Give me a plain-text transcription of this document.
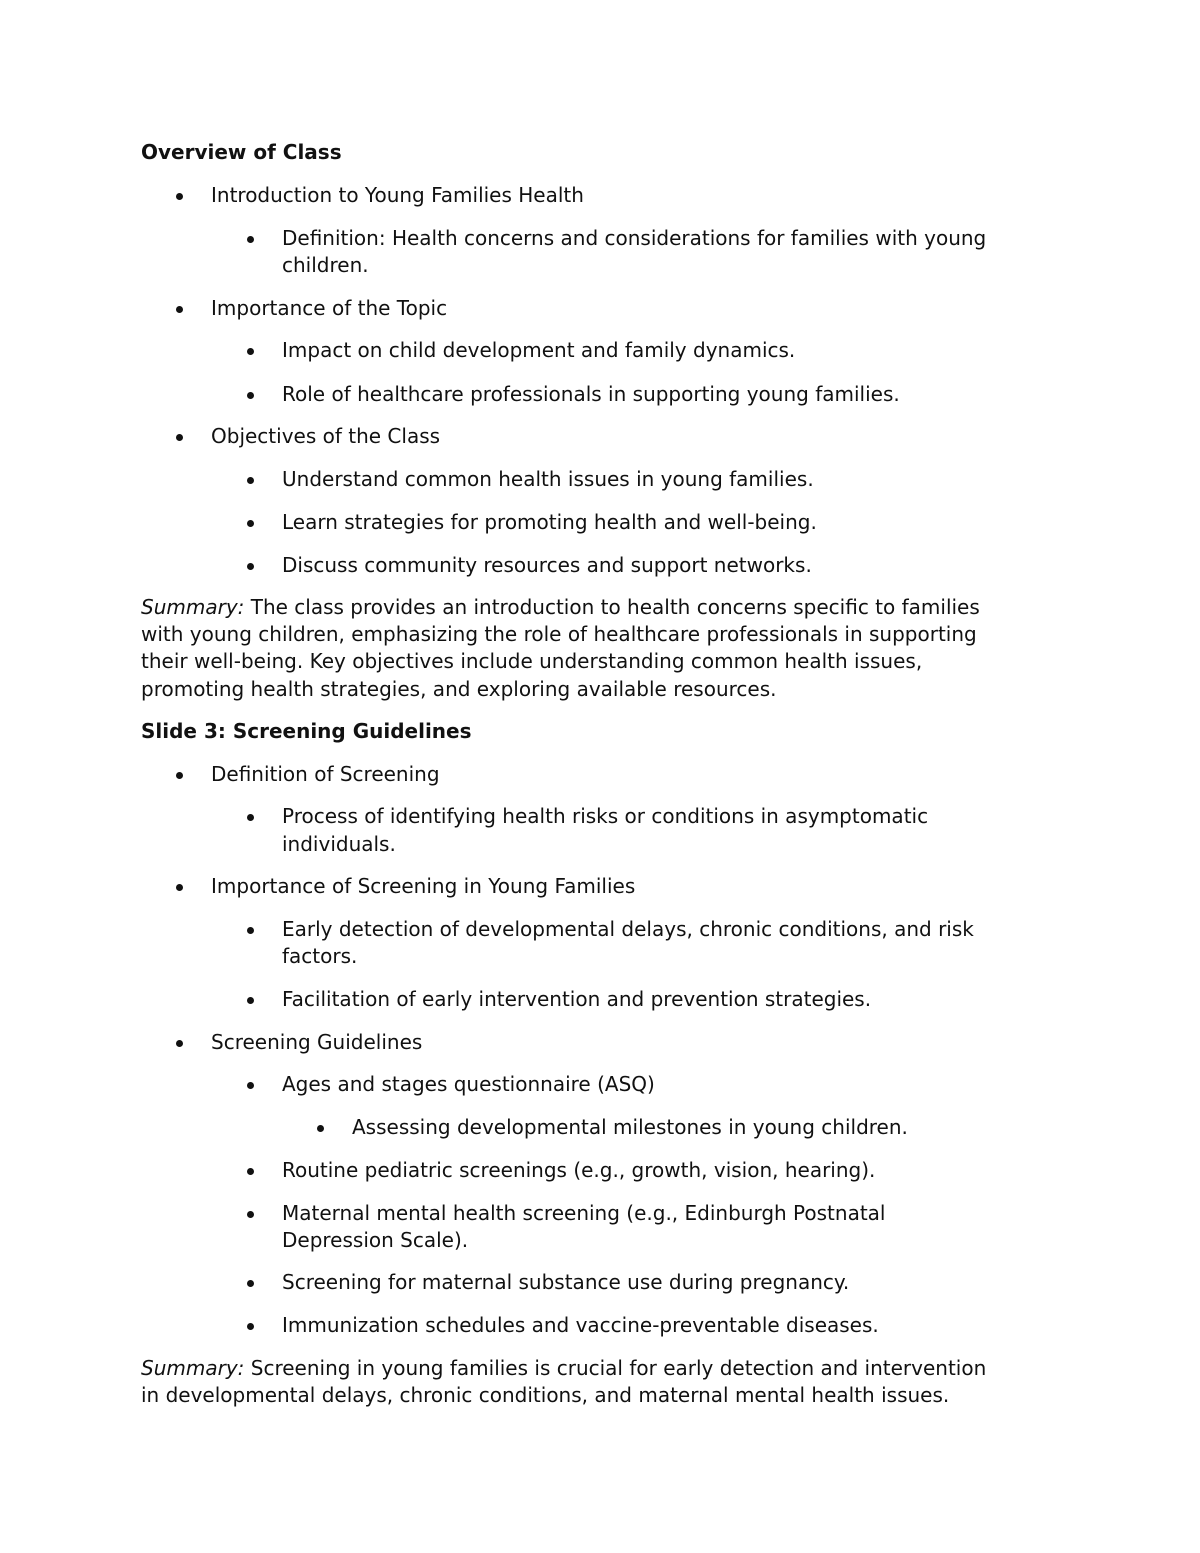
Overview of Class
Introduction to Young Families Health
Definition: Health concerns and considerations for families with young
children.
Importance of the Topic
Impact on child development and family dynamics.
Role of healthcare professionals in supporting young families.
Objectives of the Class
Understand common health issues in young families.
Learn strategies for promoting health and well-being.
Discuss community resources and support networks.
Summary: The class provides an introduction to health concerns specific to families
with young children, emphasizing the role of healthcare professionals in supporting
their well-being. Key objectives include understanding common health issues,
promoting health strategies, and exploring available resources.
Slide 3: Screening Guidelines
Definition of Screening
Process of identifying health risks or conditions in asymptomatic
individuals.
Importance of Screening in Young Families
Early detection of developmental delays, chronic conditions, and risk
factors.
Facilitation of early intervention and prevention strategies.
Screening Guidelines
Ages and stages questionnaire (ASQ)
Assessing developmental milestones in young children.
Routine pediatric screenings (e.g., growth, vision, hearing).
Maternal mental health screening (e.g., Edinburgh Postnatal
Depression Scale).
Screening for maternal substance use during pregnancy.
Immunization schedules and vaccine-preventable diseases.
Summary: Screening in young families is crucial for early detection and intervention
in developmental delays, chronic conditions, and maternal mental health issues.
